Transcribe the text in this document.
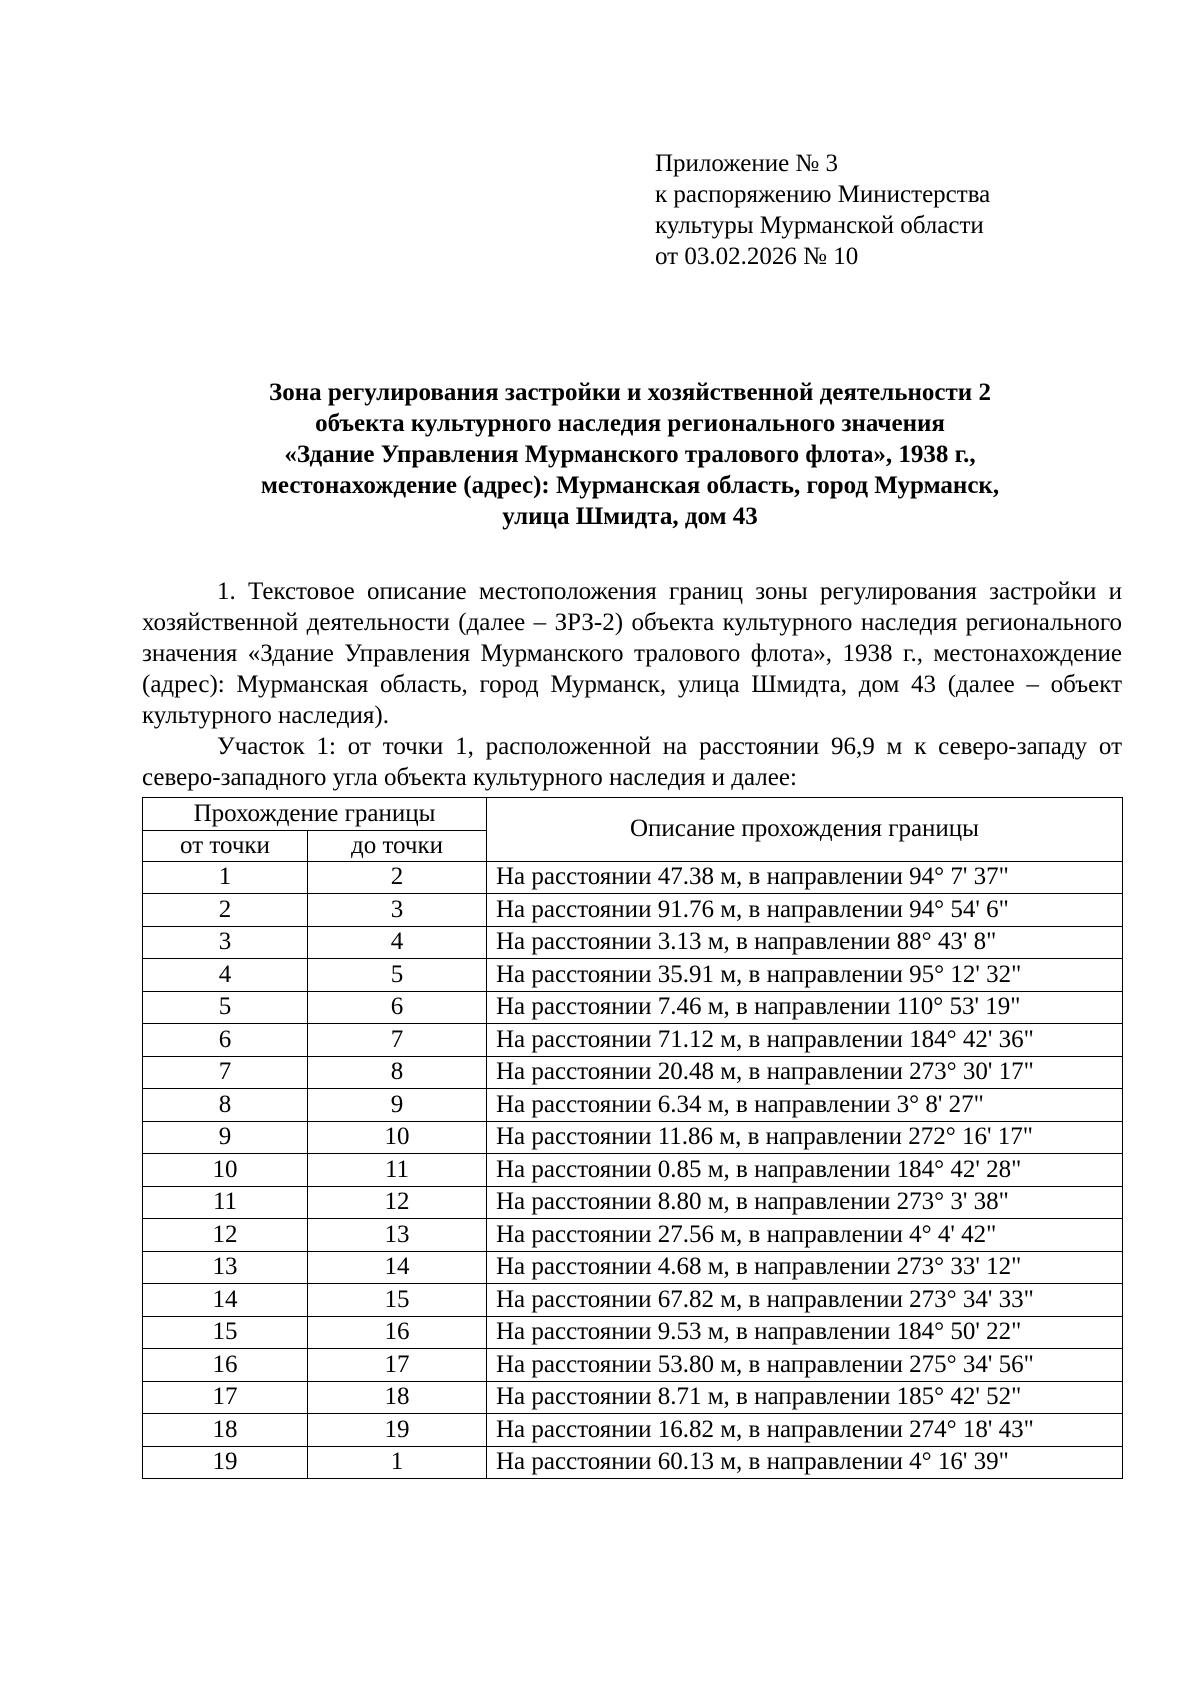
Приложение № 3
к распоряжению Министерства
культуры Мурманской области
от 03.02.2026 № 10
Зона регулирования застройки и хозяйственной деятельности 2
объекта культурного наследия регионального значения
«Здание Управления Мурманского тралового флота», 1938 г.,
местонахождение (адрес): Мурманская область, город Мурманск,
улица Шмидта, дом 43

1. Текстовое описание местоположения границ зоны регулирования застройки и хозяйственной деятельности (далее – ЗРЗ-2) объекта культурного наследия регионального значения «Здание Управления Мурманского тралового флота», 1938 г., местонахождение (адрес): Мурманская область, город Мурманск, улица Шмидта, дом 43 (далее – объект культурного наследия).

Участок 1: от точки 1, расположенной на расстоянии 96,9 м к северо-западу от северо-западного угла объекта культурного наследия и далее:

Прохождение границы		Описание прохождения границы
от точки	до точки	
1	2	На расстоянии 47.38 м, в направлении 94° 7' 37"
2	3	На расстоянии 91.76 м, в направлении 94° 54' 6"
3	4	На расстоянии 3.13 м, в направлении 88° 43' 8"
4	5	На расстоянии 35.91 м, в направлении 95° 12' 32"
5	6	На расстоянии 7.46 м, в направлении 110° 53' 19"
6	7	На расстоянии 71.12 м, в направлении 184° 42' 36"
7	8	На расстоянии 20.48 м, в направлении 273° 30' 17"
8	9	На расстоянии 6.34 м, в направлении 3° 8' 27"
9	10	На расстоянии 11.86 м, в направлении 272° 16' 17"
10	11	На расстоянии 0.85 м, в направлении 184° 42' 28"
11	12	На расстоянии 8.80 м, в направлении 273° 3' 38"
12	13	На расстоянии 27.56 м, в направлении 4° 4' 42"
13	14	На расстоянии 4.68 м, в направлении 273° 33' 12"
14	15	На расстоянии 67.82 м, в направлении 273° 34' 33"
15	16	На расстоянии 9.53 м, в направлении 184° 50' 22"
16	17	На расстоянии 53.80 м, в направлении 275° 34' 56"
17	18	На расстоянии 8.71 м, в направлении 185° 42' 52"
18	19	На расстоянии 16.82 м, в направлении 274° 18' 43"
19	1	На расстоянии 60.13 м, в направлении 4° 16' 39"
